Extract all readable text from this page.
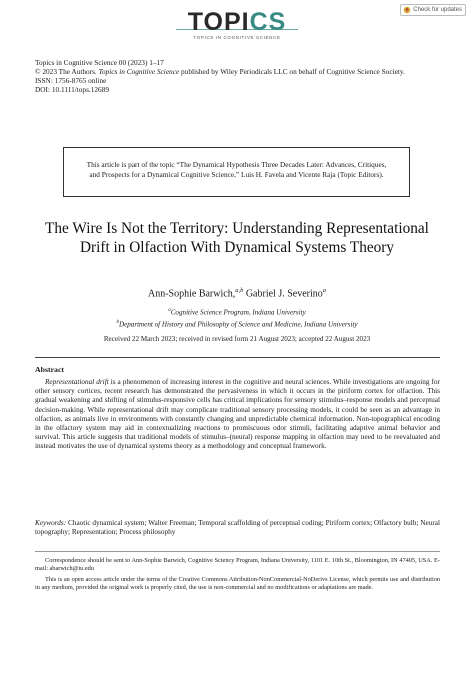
TOPICS
TOPICS IN COGNITIVE SCIENCE
Check for updates
Topics in Cognitive Science 00 (2023) 1–17
© 2023 The Authors. Topics in Cognitive Science published by Wiley Periodicals LLC on behalf of Cognitive Science Society.
ISSN: 1756-8765 online
DOI: 10.1111/tops.12689
This article is part of the topic “The Dynamical Hypothesis Three Decades Later: Advances, Critiques, and Prospects for a Dynamical Cognitive Science,” Luis H. Favela and Vicente Raja (Topic Editors).
The Wire Is Not the Territory: Understanding Representational Drift in Olfaction With Dynamical Systems Theory
Ann-Sophie Barwich,$^{a,b}$ Gabriel J. Severino$^a$
$^a$Cognitive Science Program, Indiana University
$^b$Department of History and Philosophy of Science and Medicine, Indiana University
Received 22 March 2023; received in revised form 21 August 2023; accepted 22 August 2023
Abstract
Representational drift is a phenomenon of increasing interest in the cognitive and neural sciences. While investigations are ongoing for other sensory cortices, recent research has demonstrated the pervasiveness in which it occurs in the piriform cortex for olfaction. This gradual weakening and shifting of stimulus-responsive cells has critical implications for sensory stimulus–response models and perceptual decision-making. While representational drift may complicate traditional sensory processing models, it could be seen as an advantage in olfaction, as animals live in environments with constantly changing and unpredictable chemical information. Non-topographical encoding in the olfactory system may aid in contextualizing reactions to promiscuous odor stimuli, facilitating adaptive animal behavior and survival. This article suggests that traditional models of stimulus–(neural) response mapping in olfaction may need to be reevaluated and instead motivates the use of dynamical systems theory as a methodology and conceptual framework.
Keywords: Chaotic dynamical system; Walter Freeman; Temporal scaffolding of perceptual coding; Piriform cortex; Olfactory bulb; Neural topography; Representation; Process philosophy
Correspondence should be sent to Ann-Sophie Barwich, Cognitive Sciency Program, Indiana University, 1101 E. 10th St., Bloomington, IN 47405, USA. E-mail: abarwich@iu.edu
This is an open access article under the terms of the Creative Commons Attribution-NonCommercial-NoDerivs License, which permits use and distribution in any medium, provided the original work is properly cited, the use is non-commercial and no modifications or adaptations are made.
